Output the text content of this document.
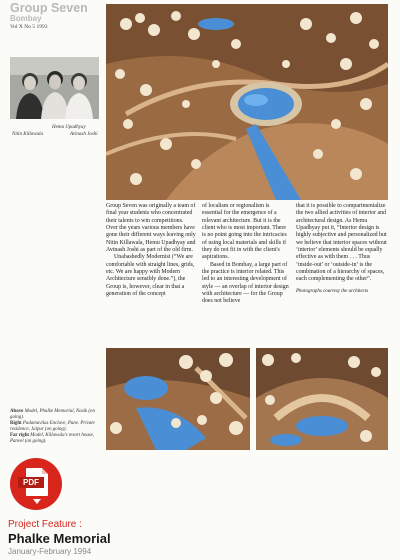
Group Seven
Bombay
Vol X No 5 1993
Hemu Upadhyay
Nitin Killawala	Avinash Joshi

Group Seven was originally a team of final year students who concentrated their talents to win competitions. Over the years various members have gone their different ways leaving only Nitin Killawala, Hemu Upadhyay and Avinash Joshi as part of the old firm.

Unabashedly Modernist (“We are comfortable with straight lines, grids, etc. We are happy with Modern Architecture sensibly done.”), the Group is, however, clear in that a generation of the concept

of localism or regionalism is essential for the emergence of a relevant architecture. But it is the client who is most important. There is no point going into the intricacies of using local materials and skills if they do not fit in with the client's aspirations.

Based in Bombay, a large part of the practice is interior related. This led to an interesting development of style — an overlap of interior design with architecture — for the Group does not believe

that it is possible to compartmentalize the two allied activities of interior and architectural design. As Hemu Upadhyay put it, “Interior design is highly subjective and personalized but we believe that interior spaces without ‘interior’ elements should be equally effective as with them . . . Thus ‘inside-out’ or ‘outside-in’ is the combination of a hierarchy of spaces, each complementing the other”.

Photographs courtesy the architects
Above Model, Phalke Memorial, Nasik (on going).
Right Padamavilas Enclave, Pune. Private residence, Jaipur (on going).
Far right Model, Killawala's resort house, Panvel (on going).
PDF
Project Feature :
Phalke Memorial
January-February 1994
